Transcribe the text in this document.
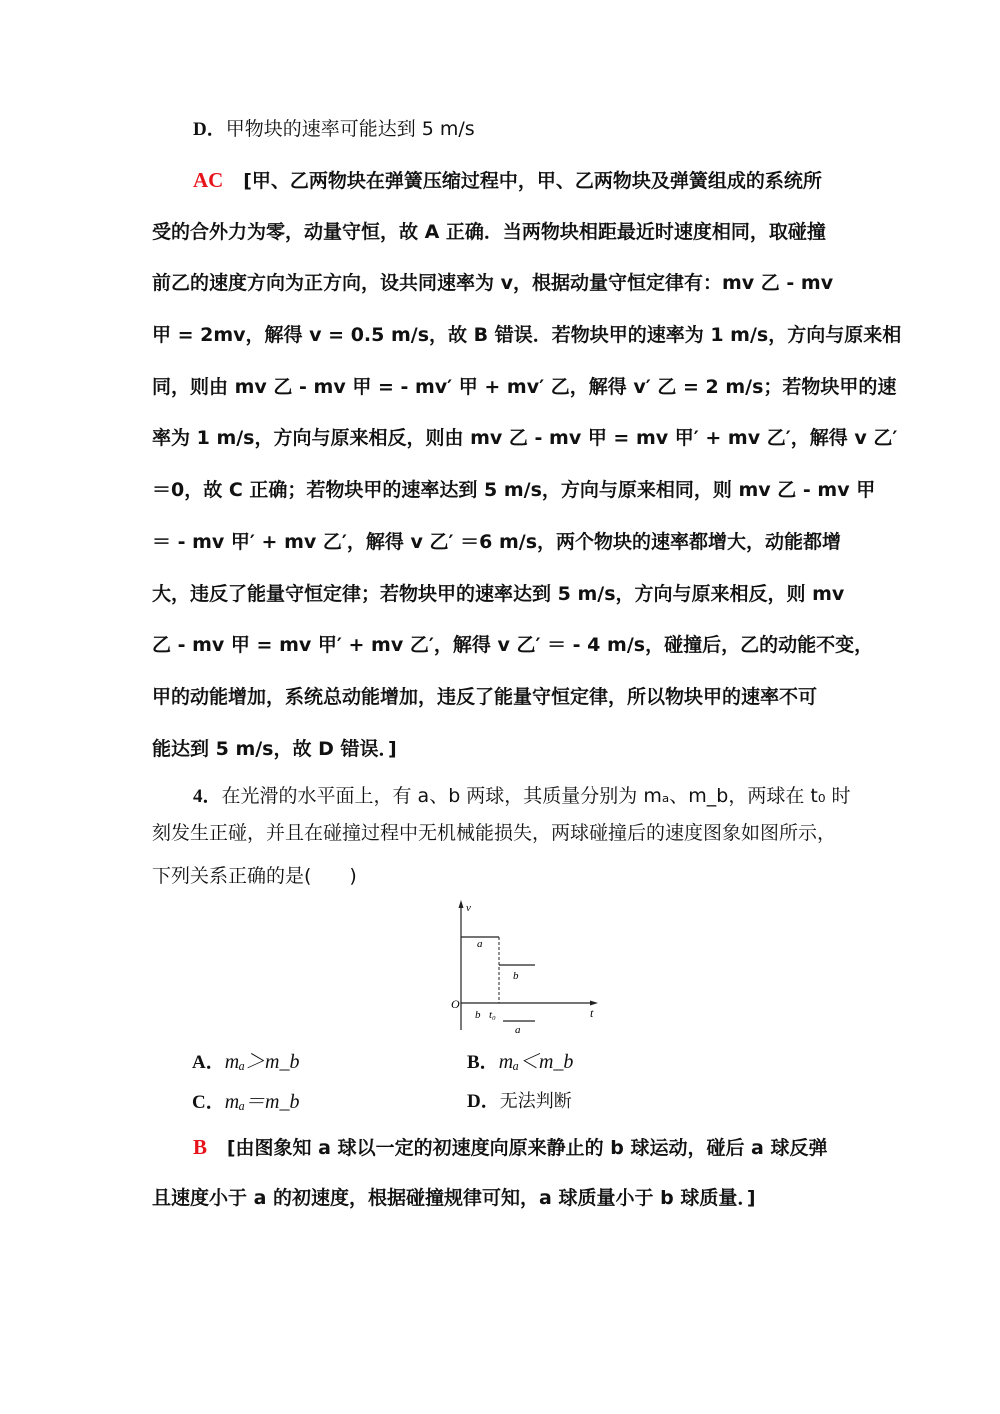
D．甲物块的速率可能达到 5 m/s
AC [甲、乙两物块在弹簧压缩过程中，甲、乙两物块及弹簧组成的系统所
受的合外力为零，动量守恒，故 A 正确．当两物块相距最近时速度相同，取碰撞
前乙的速度方向为正方向，设共同速率为 v，根据动量守恒定律有：mv 乙 - mv
甲 = 2mv，解得 v = 0.5 m/s，故 B 错误．若物块甲的速率为 1 m/s，方向与原来相
同，则由 mv 乙 - mv 甲 = - mv′ 甲 + mv′ 乙，解得 v′ 乙 = 2 m/s；若物块甲的速
率为 1 m/s，方向与原来相反，则由 mv 乙 - mv 甲 = mv 甲′ + mv 乙′，解得 v 乙′
＝0，故 C 正确；若物块甲的速率达到 5 m/s，方向与原来相同，则 mv 乙 - mv 甲
＝ - mv 甲′ + mv 乙′，解得 v 乙′ ＝6 m/s，两个物块的速率都增大，动能都增
大，违反了能量守恒定律；若物块甲的速率达到 5 m/s，方向与原来相反，则 mv
乙 - mv 甲 = mv 甲′ + mv 乙′，解得 v 乙′ ＝ - 4 m/s，碰撞后，乙的动能不变，
甲的动能增加，系统总动能增加，违反了能量守恒定律，所以物块甲的速率不可
能达到 5 m/s，故 D 错误．]
4．在光滑的水平面上，有 a、b 两球，其质量分别为 mₐ、m_b，两球在 t₀ 时
刻发生正碰，并且在碰撞过程中无机械能损失，两球碰撞后的速度图象如图所示，
下列关系正确的是(　　)
v
t
O
a
b
b t₀
a
A．mₐ＞m_b	B．mₐ＜m_b
C．mₐ＝m_b	D．无法判断
B [由图象知 a 球以一定的初速度向原来静止的 b 球运动，碰后 a 球反弹
且速度小于 a 的初速度，根据碰撞规律可知，a 球质量小于 b 球质量．]
